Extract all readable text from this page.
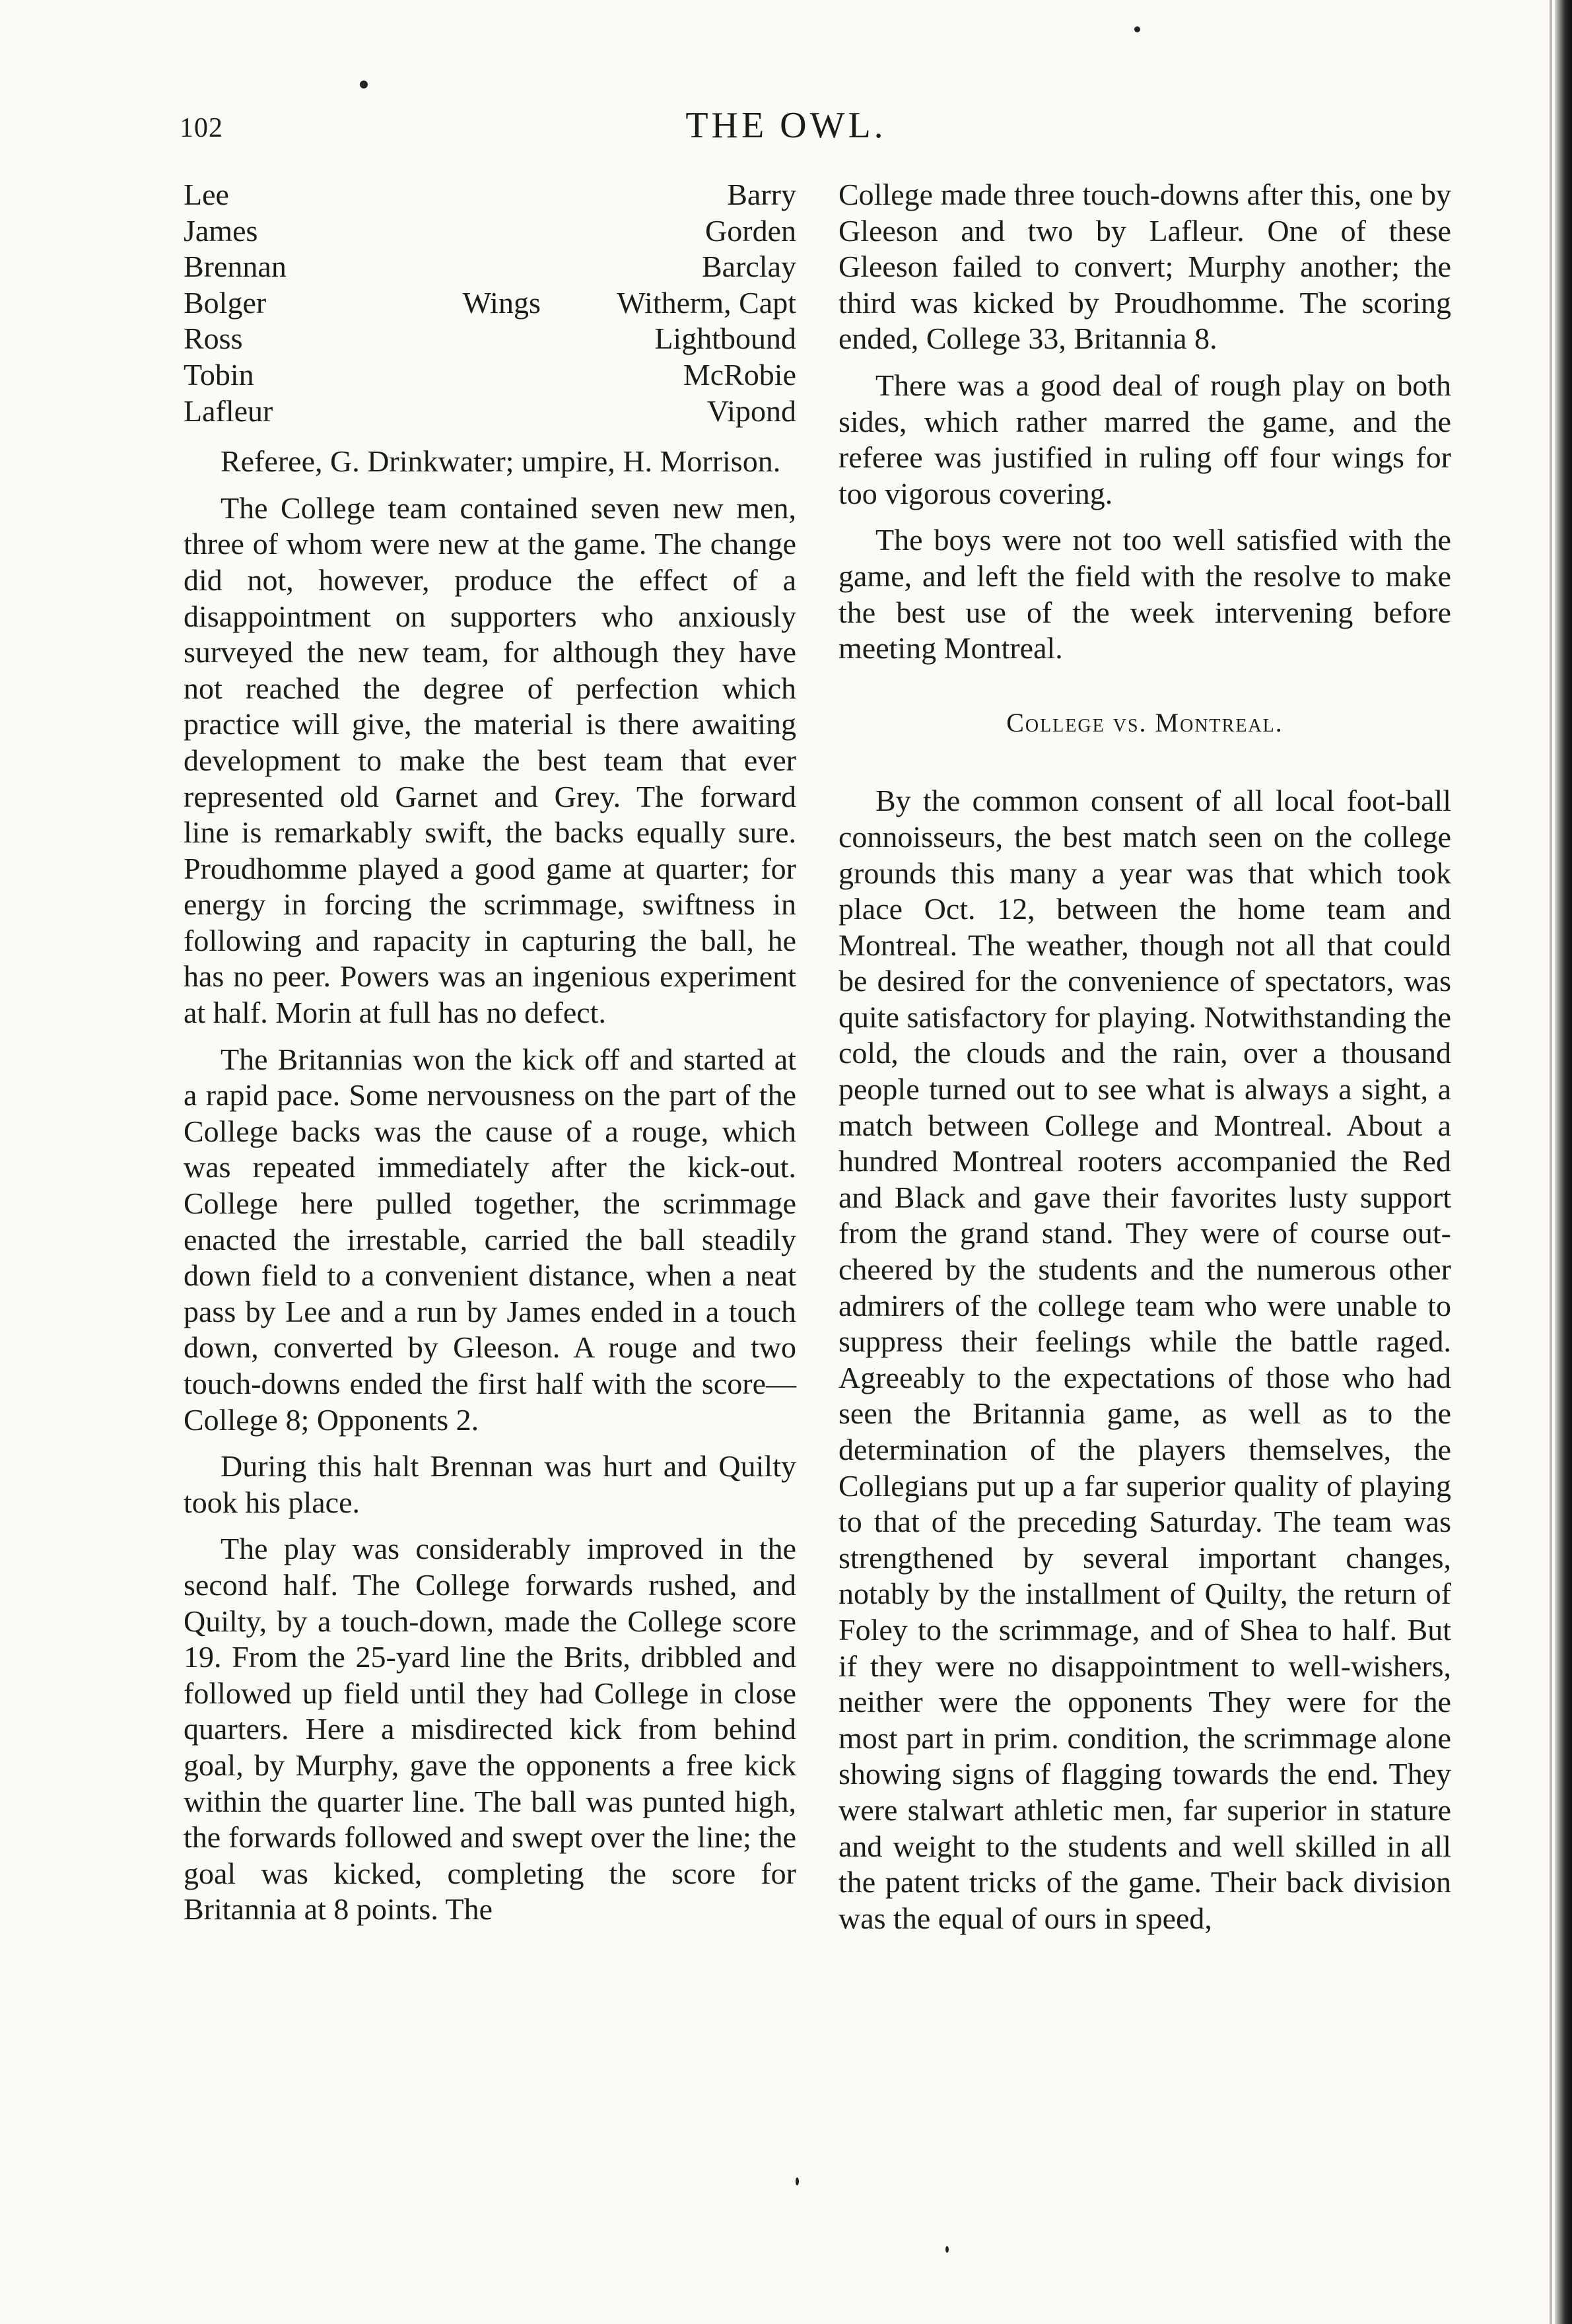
102	THE OWL.
Lee	Barry
James	Gorden
Brennan	Barclay
Bolger	Wings	Witherm, Capt
Ross	Lightbound
Tobin	McRobie
Lafleur	Vipond

Referee, G. Drinkwater; umpire, H. Morrison.

The College team contained seven new men, three of whom were new at the game. The change did not, however, produce the effect of a disappointment on supporters who anxiously surveyed the new team, for although they have not reached the degree of perfection which practice will give, the material is there awaiting development to make the best team that ever represented old Garnet and Grey. The forward line is remarkably swift, the backs equally sure. Proudhomme played a good game at quarter; for energy in forcing the scrimmage, swiftness in following and rapacity in capturing the ball, he has no peer. Powers was an ingenious experiment at half. Morin at full has no defect.

The Britannias won the kick off and started at a rapid pace. Some nervousness on the part of the College backs was the cause of a rouge, which was repeated immediately after the kick-out. College here pulled together, the scrimmage enacted the irrestable, carried the ball steadily down field to a convenient distance, when a neat pass by Lee and a run by James ended in a touch down, converted by Gleeson. A rouge and two touch-downs ended the first half with the score—College 8; Opponents 2.

During this halt Brennan was hurt and Quilty took his place.

The play was considerably improved in the second half. The College forwards rushed, and Quilty, by a touch-down, made the College score 19. From the 25-yard line the Brits, dribbled and followed up field until they had College in close quarters. Here a misdirected kick from behind goal, by Murphy, gave the opponents a free kick within the quarter line. The ball was punted high, the forwards followed and swept over the line; the goal was kicked, completing the score for Britannia at 8 points. The

College made three touch-downs after this, one by Gleeson and two by Lafleur. One of these Gleeson failed to convert; Murphy another; the third was kicked by Proudhomme. The scoring ended, College 33, Britannia 8.

There was a good deal of rough play on both sides, which rather marred the game, and the referee was justified in ruling off four wings for too vigorous covering.

The boys were not too well satisfied with the game, and left the field with the resolve to make the best use of the week intervening before meeting Montreal.

College vs. Montreal.

By the common consent of all local foot-ball connoisseurs, the best match seen on the college grounds this many a year was that which took place Oct. 12, between the home team and Montreal. The weather, though not all that could be desired for the convenience of spectators, was quite satisfactory for playing. Notwithstanding the cold, the clouds and the rain, over a thousand people turned out to see what is always a sight, a match between College and Montreal. About a hundred Montreal rooters accompanied the Red and Black and gave their favorites lusty support from the grand stand. They were of course out-cheered by the students and the numerous other admirers of the college team who were unable to suppress their feelings while the battle raged. Agreeably to the expectations of those who had seen the Britannia game, as well as to the determination of the players themselves, the Collegians put up a far superior quality of playing to that of the preceding Saturday. The team was strengthened by several important changes, notably by the installment of Quilty, the return of Foley to the scrimmage, and of Shea to half. But if they were no disappointment to well-wishers, neither were the opponents They were for the most part in prim. condition, the scrimmage alone showing signs of flagging towards the end. They were stalwart athletic men, far superior in stature and weight to the students and well skilled in all the patent tricks of the game. Their back division was the equal of ours in speed,
